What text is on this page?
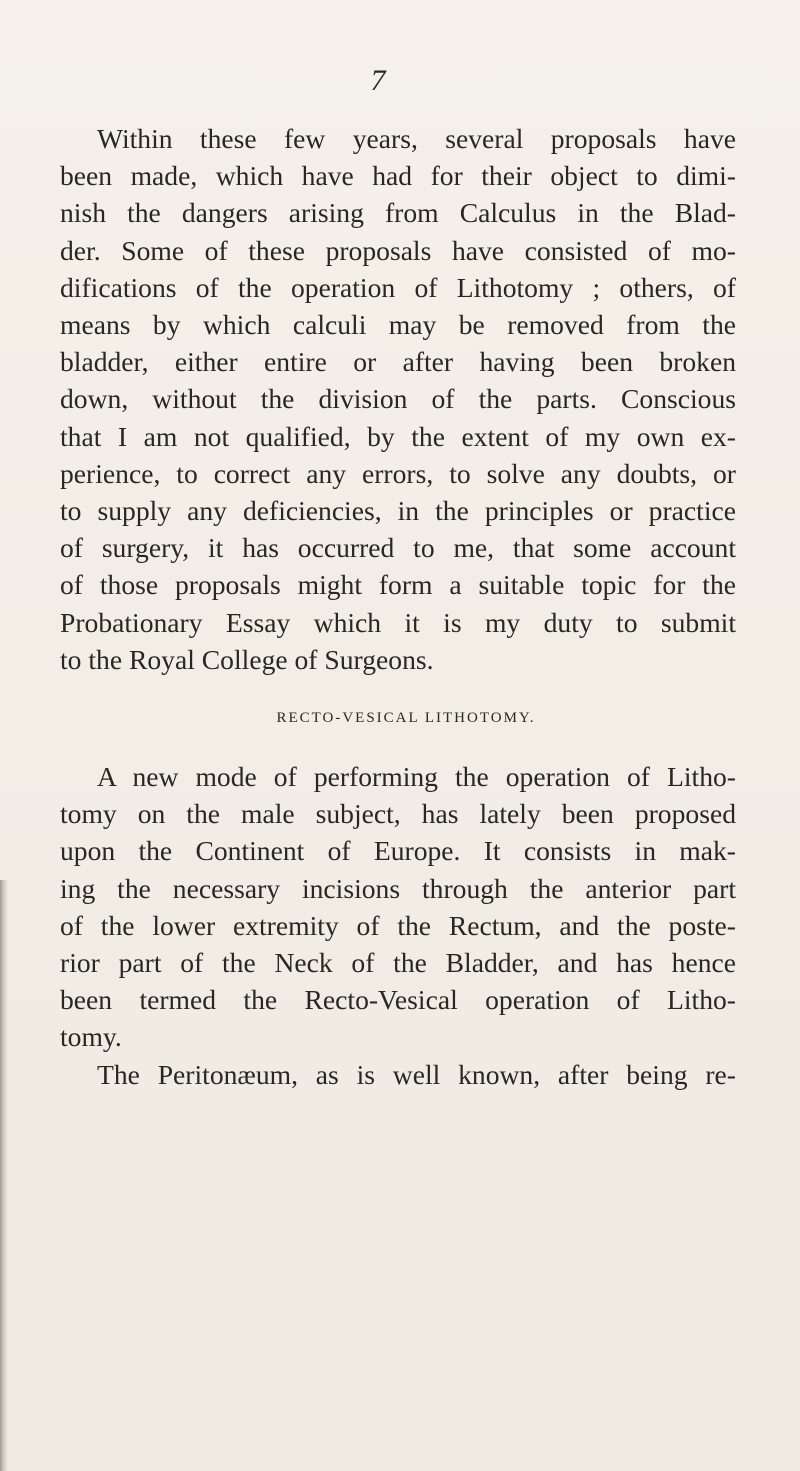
7
Within these few years, several proposals have
been made, which have had for their object to dimi-
nish the dangers arising from Calculus in the Blad-
der. Some of these proposals have consisted of mo-
difications of the operation of Lithotomy ; others, of
means by which calculi may be removed from the
bladder, either entire or after having been broken
down, without the division of the parts. Conscious
that I am not qualified, by the extent of my own ex-
perience, to correct any errors, to solve any doubts, or
to supply any deficiencies, in the principles or practice
of surgery, it has occurred to me, that some account
of those proposals might form a suitable topic for the
Probationary Essay which it is my duty to submit
to the Royal College of Surgeons.
RECTO-VESICAL LITHOTOMY.
A new mode of performing the operation of Litho-
tomy on the male subject, has lately been proposed
upon the Continent of Europe. It consists in mak-
ing the necessary incisions through the anterior part
of the lower extremity of the Rectum, and the poste-
rior part of the Neck of the Bladder, and has hence
been termed the Recto-Vesical operation of Litho-
tomy.
The Peritonæum, as is well known, after being re-
